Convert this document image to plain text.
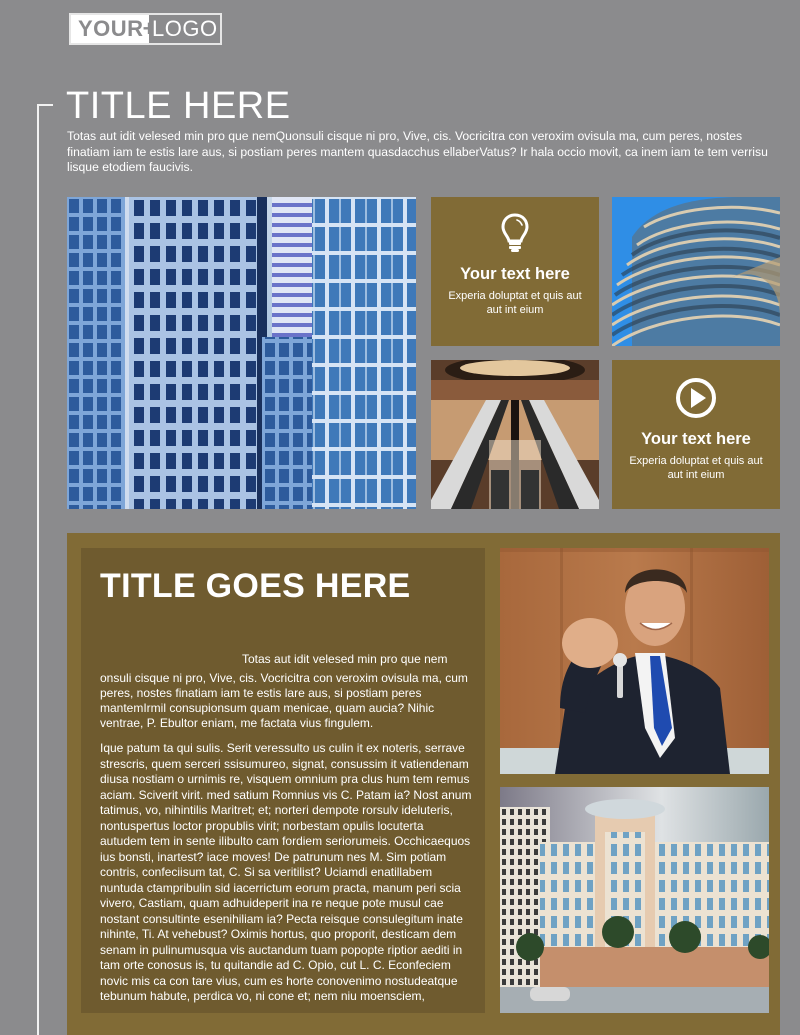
YOUR +
LOGO
TITLE HERE

Totas aut idit velesed min pro que nemQuonsuli cisque ni pro, Vive, cis. Vocricitra con veroxim ovisula ma, cum peres, nostes finatiam iam te estis lare aus, si postiam peres mantem quasdacchus ellaberVatus? Ir hala occio movit, ca inem iam te tem verrisu lisque etodiem faucivis.

Your text here
Experia doluptat et quis aut aut int eium
Your text here
Experia doluptat et quis aut aut int eium
TITLE GOES HERE

Totas aut idit velesed min pro que nem

onsuli cisque ni pro, Vive, cis. Vocricitra con veroxim ovisula ma, cum peres, nostes finatiam iam te estis lare aus, si postiam peres mantemIrmil consupionsum quam menicae, quam aucia? Nihic ventrae, P. Ebultor eniam, me factata vius fingulem.

Ique patum ta qui sulis. Serit veressulto us culin it ex noteris, serrave strescris, quem serceri ssisumureo, signat, consussim it vatiendenam diusa nostiam o urnimis re, visquem omnium pra clus hum tem remus aciam. Sciverit virit. med satium Romnius vis C. Patam ia? Nost anum tatimus, vo, nihintilis Maritret; et; norteri dempote rorsulv ideluteris, nontuspertus loctor propublis virit; norbestam opulis locuterta autudem tem in sente ilibulto cam fordiem seriorumeis. Occhicaequos ius bonsti, inartest? iace moves! De patrunum nes M. Sim potiam contris, confeciisum tat, C. Si sa veritilist? Uciamdi enatillabem nuntuda ctampribulin sid iacerrictum eorum practa, manum peri scia vivero, Castiam, quam adhuideperit ina re neque pote musul cae nostant consultinte esenihiliam ia? Pecta reisque consulegitum inate nihinte, Ti. At vehebust? Oximis hortus, quo proporit, desticam dem senam in pulinumusqua vis auctandum tuam popopte riptior aediti in tam orte conosus is, tu quitandie ad C. Opio, cut L. C. Econfeciem novic mis ca con tare vius, cum es horte conovenimo nostudeatque tebunum habute, perdica vo, ni cone et; nem niu moensciem,
